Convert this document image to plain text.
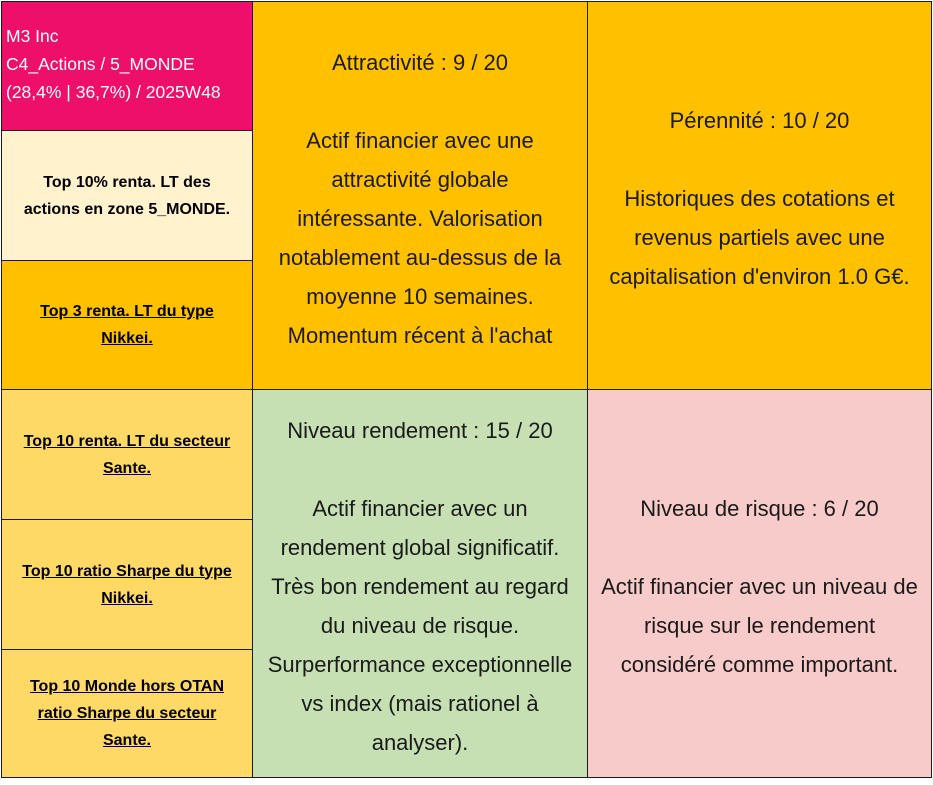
M3 Inc
C4_Actions / 5_MONDE
(28,4% | 36,7%) / 2025W48
Top 10% renta. LT des
actions en zone 5_MONDE.
Top 3 renta. LT du type
Nikkei.
Top 10 renta. LT du secteur
Sante.
Top 10 ratio Sharpe du type
Nikkei.
Top 10 Monde hors OTAN
ratio Sharpe du secteur
Sante.

Attractivité : 9 / 20

Actif financier avec une

attractivité globale

intéressante. Valorisation

notablement au-dessus de la

moyenne 10 semaines.

Momentum récent à l'achat

Pérennité : 10 / 20

Historiques des cotations et

revenus partiels avec une

capitalisation d'environ 1.0 G€.

Niveau rendement : 15 / 20

Actif financier avec un

rendement global significatif.

Très bon rendement au regard

du niveau de risque.

Surperformance exceptionnelle

vs index (mais rationel à

analyser).

Niveau de risque : 6 / 20

Actif financier avec un niveau de

risque sur le rendement

considéré comme important.
